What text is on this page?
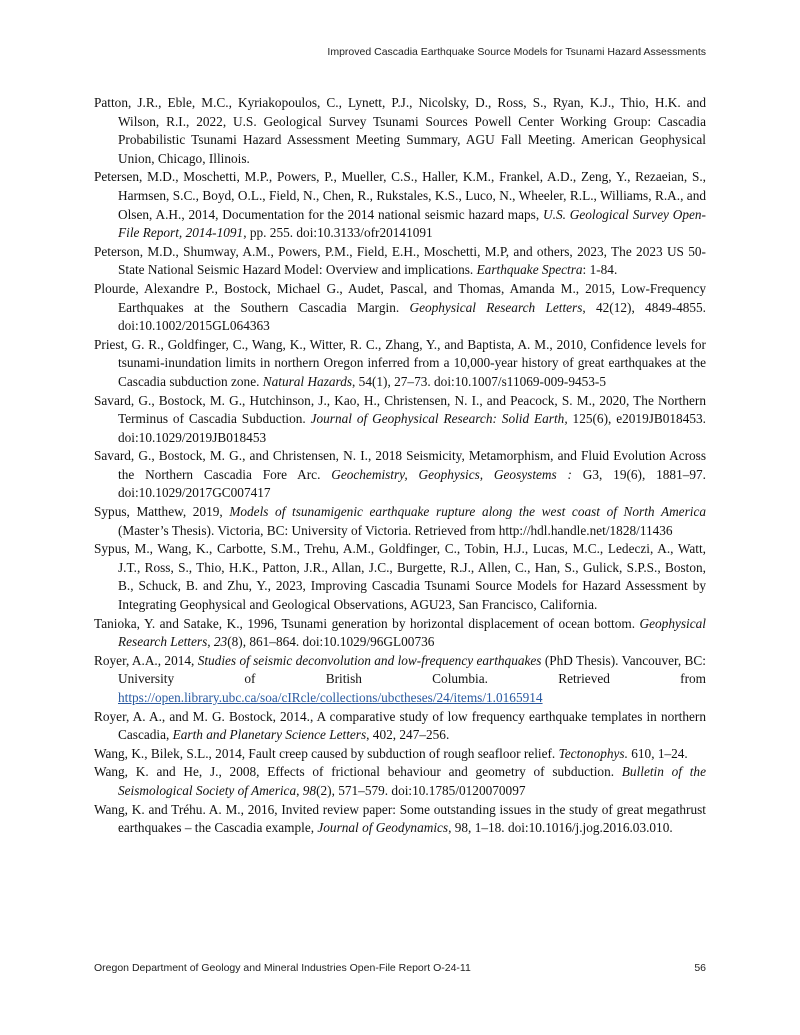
Improved Cascadia Earthquake Source Models for Tsunami Hazard Assessments

Patton, J.R., Eble, M.C., Kyriakopoulos, C., Lynett, P.J., Nicolsky, D., Ross, S., Ryan, K.J., Thio, H.K. and Wilson, R.I., 2022, U.S. Geological Survey Tsunami Sources Powell Center Working Group: Cascadia Probabilistic Tsunami Hazard Assessment Meeting Summary, AGU Fall Meeting. American Geophysical Union, Chicago, Illinois.

Petersen, M.D., Moschetti, M.P., Powers, P., Mueller, C.S., Haller, K.M., Frankel, A.D., Zeng, Y., Rezaeian, S., Harmsen, S.C., Boyd, O.L., Field, N., Chen, R., Rukstales, K.S., Luco, N., Wheeler, R.L., Williams, R.A., and Olsen, A.H., 2014, Documentation for the 2014 national seismic hazard maps, U.S. Geological Survey Open-File Report, 2014-1091, pp. 255. doi:10.3133/ofr20141091

Peterson, M.D., Shumway, A.M., Powers, P.M., Field, E.H., Moschetti, M.P, and others, 2023, The 2023 US 50-State National Seismic Hazard Model: Overview and implications. Earthquake Spectra: 1-84.

Plourde, Alexandre P., Bostock, Michael G., Audet, Pascal, and Thomas, Amanda M., 2015, Low-Frequency Earthquakes at the Southern Cascadia Margin. Geophysical Research Letters, 42(12), 4849-4855. doi:10.1002/2015GL064363

Priest, G. R., Goldfinger, C., Wang, K., Witter, R. C., Zhang, Y., and Baptista, A. M., 2010, Confidence levels for tsunami-inundation limits in northern Oregon inferred from a 10,000-year history of great earthquakes at the Cascadia subduction zone. Natural Hazards, 54(1), 27–73. doi:10.1007/s11069-009-9453-5

Savard, G., Bostock, M. G., Hutchinson, J., Kao, H., Christensen, N. I., and Peacock, S. M., 2020, The Northern Terminus of Cascadia Subduction. Journal of Geophysical Research: Solid Earth, 125(6), e2019JB018453. doi:10.1029/2019JB018453

Savard, G., Bostock, M. G., and Christensen, N. I., 2018 Seismicity, Metamorphism, and Fluid Evolution Across the Northern Cascadia Fore Arc. Geochemistry, Geophysics, Geosystems : G3, 19(6), 1881–97. doi:10.1029/2017GC007417

Sypus, Matthew, 2019, Models of tsunamigenic earthquake rupture along the west coast of North America (Master’s Thesis). Victoria, BC: University of Victoria. Retrieved from http://hdl.handle.net/1828/11436

Sypus, M., Wang, K., Carbotte, S.M., Trehu, A.M., Goldfinger, C., Tobin, H.J., Lucas, M.C., Ledeczi, A., Watt, J.T., Ross, S., Thio, H.K., Patton, J.R., Allan, J.C., Burgette, R.J., Allen, C., Han, S., Gulick, S.P.S., Boston, B., Schuck, B. and Zhu, Y., 2023, Improving Cascadia Tsunami Source Models for Hazard Assessment by Integrating Geophysical and Geological Observations, AGU23, San Francisco, California.

Tanioka, Y. and Satake, K., 1996, Tsunami generation by horizontal displacement of ocean bottom. Geophysical Research Letters, 23(8), 861–864. doi:10.1029/96GL00736

Royer, A.A., 2014, Studies of seismic deconvolution and low-frequency earthquakes (PhD Thesis). Vancouver, BC: University of British Columbia. Retrieved from https://open.library.ubc.ca/soa/cIRcle/collections/ubctheses/24/items/1.0165914

Royer, A. A., and M. G. Bostock, 2014., A comparative study of low frequency earthquake templates in northern Cascadia, Earth and Planetary Science Letters, 402, 247–256.

Wang, K., Bilek, S.L., 2014, Fault creep caused by subduction of rough seafloor relief. Tectonophys. 610, 1–24.

Wang, K. and He, J., 2008, Effects of frictional behaviour and geometry of subduction. Bulletin of the Seismological Society of America, 98(2), 571–579. doi:10.1785/0120070097

Wang, K. and Tréhu. A. M., 2016, Invited review paper: Some outstanding issues in the study of great megathrust earthquakes – the Cascadia example, Journal of Geodynamics, 98, 1–18. doi:10.1016/j.jog.2016.03.010.

Oregon Department of Geology and Mineral Industries Open-File Report O-24-11	56
